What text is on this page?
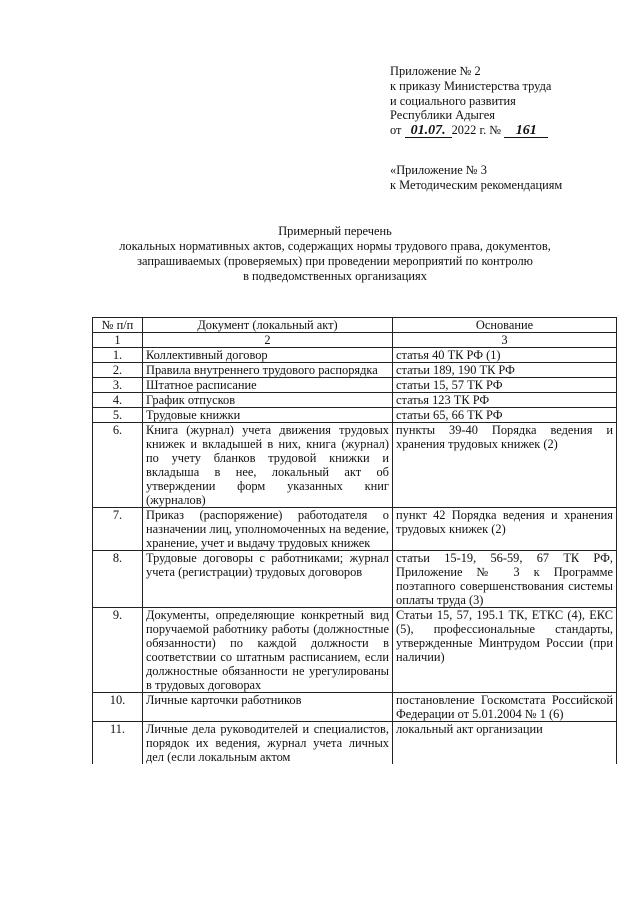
Приложение № 2
к приказу Министерства труда
и социального развития
Республики Адыгея
от 01.07. 2022 г. № 161
«Приложение № 3
к Методическим рекомендациям
Примерный перечень
локальных нормативных актов, содержащих нормы трудового права, документов,
запрашиваемых (проверяемых) при проведении мероприятий по контролю
в подведомственных организациях
№ п/п	Документ (локальный акт)	Основание
1	2	3
1.	Коллективный договор	статья 40 ТК РФ (1)
2.	Правила внутреннего трудового распорядка	статьи 189, 190 ТК РФ
3.	Штатное расписание	статьи 15, 57 ТК РФ
4.	График отпусков	статья 123 ТК РФ
5.	Трудовые книжки	статьи 65, 66 ТК РФ
6.	Книга (журнал) учета движения трудовых книжек и вкладышей в них, книга (журнал) по учету бланков трудовой книжки и вкладыша в нее, локальный акт об утверждении форм указанных книг (журналов)	пункты 39-40 Порядка ведения и хранения трудовых книжек (2)
7.	Приказ (распоряжение) работодателя о назначении лиц, уполномоченных на ведение, хранение, учет и выдачу трудовых книжек	пункт 42 Порядка ведения и хранения трудовых книжек (2)
8.	Трудовые договоры с работниками; журнал учета (регистрации) трудовых договоров	статьи 15-19, 56-59, 67 ТК РФ, Приложение № 3 к Программе поэтапного совершенствования системы оплаты труда (3)
9.	Документы, определяющие конкретный вид поручаемой работнику работы (должностные обязанности) по каждой должности в соответствии со штатным расписанием, если должностные обязанности не урегулированы в трудовых договорах	Статьи 15, 57, 195.1 ТК, ЕТКС (4), ЕКС (5), профессиональные стандарты, утвержденные Минтрудом России (при наличии)
10.	Личные карточки работников	постановление Госкомстата Российской Федерации от 5.01.2004 № 1 (6)
11.	Личные дела руководителей и специалистов, порядок их ведения, журнал учета личных дел (если локальным актом	локальный акт организации
